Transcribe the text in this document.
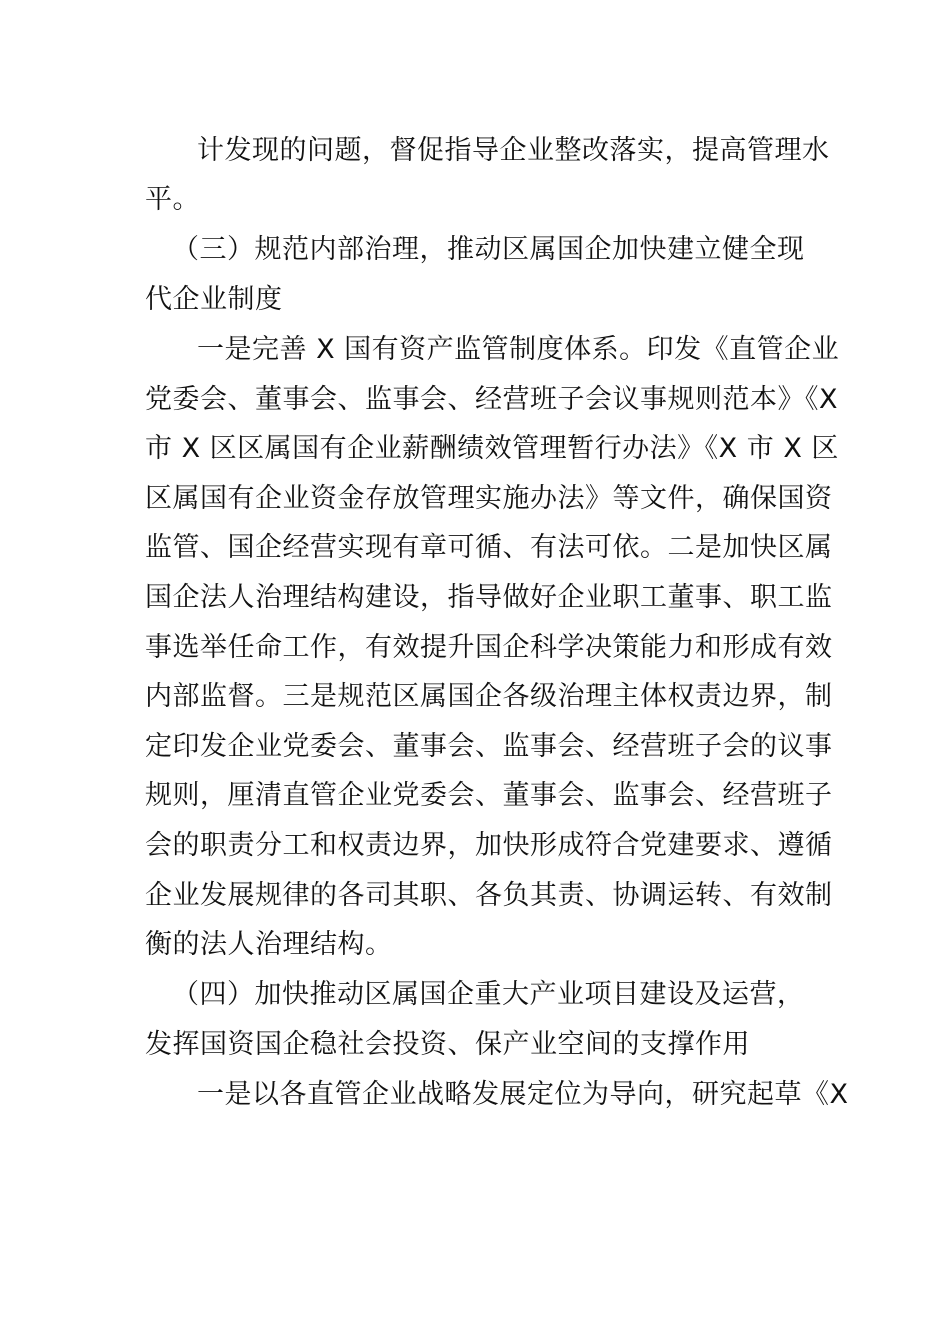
计发现的问题，督促指导企业整改落实，提高管理水
平。
（三）规范内部治理，推动区属国企加快建立健全现
代企业制度
一是完善 X 国有资产监管制度体系。印发《直管企业
党委会、董事会、监事会、经营班子会议事规则范本》《X
市 X 区区属国有企业薪酬绩效管理暂行办法》《X 市 X 区
区属国有企业资金存放管理实施办法》等文件，确保国资
监管、国企经营实现有章可循、有法可依。二是加快区属
国企法人治理结构建设，指导做好企业职工董事、职工监
事选举任命工作，有效提升国企科学决策能力和形成有效
内部监督。三是规范区属国企各级治理主体权责边界，制
定印发企业党委会、董事会、监事会、经营班子会的议事
规则，厘清直管企业党委会、董事会、监事会、经营班子
会的职责分工和权责边界，加快形成符合党建要求、遵循
企业发展规律的各司其职、各负其责、协调运转、有效制
衡的法人治理结构。
（四）加快推动区属国企重大产业项目建设及运营，
发挥国资国企稳社会投资、保产业空间的支撑作用
一是以各直管企业战略发展定位为导向，研究起草《X
